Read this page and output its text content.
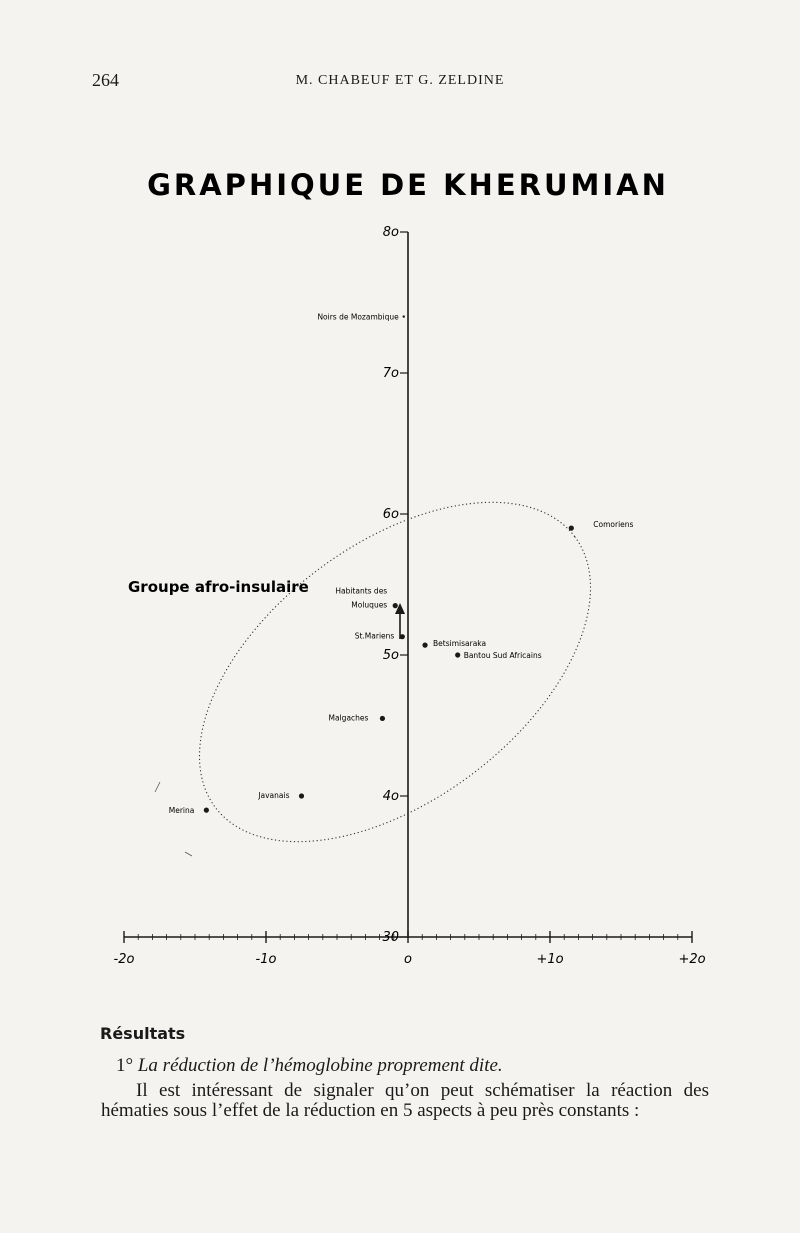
264	M. CHABEUF ET G. ZELDINE
GRAPHIQUE DE KHERUMIAN
30
4o
5o
6o
7o
8o
-2o	-1o	o	+1o	+2o
Groupe afro-insulaire
Noirs de Mozambique
Comoriens
Habitants des
Moluques
St.Mariens
Betsimisaraka
Bantou Sud Africains
Malgaches
Javanais
Merina
Résultats
1° La réduction de l’hémoglobine proprement dite.
Il est intéressant de signaler qu’on peut schématiser la réaction des hématies sous l’effet de la réduction en 5 aspects à peu près constants :
